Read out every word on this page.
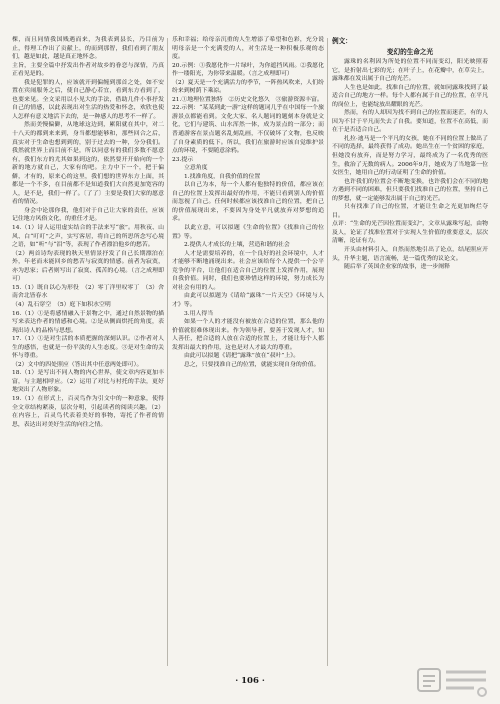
棵，而且同情我国贱遇而来，为我表到县长，乃目前为止，得理工作出了贡献上，的而到那智，我们看到了朋友们，越是如此，越是真正地怀念。

主旨，主要全篇中抒发出作者对故乡的眷恋与深情，乃真正看见是的。

我是犯罪的人，应该就开到偏缠到那首之处，如不安置在宾闹服务之后，使自己静心若宜，看到东方看到了，也要来见。全文采用以小见大的手法，借助几件小事抒发自己的情感，以此表现出对生活的热爱和怀念，欢欣也使人怎样有意义地活下去的，是一种感人的思考不一样了。

然而美慢偏僻，从地球这边到，累阳就在其中，对二十八天的都到来来到，身当都想能够和，那些回合之后，真实对于生命也想到到的，别于过去的一种，分分我们。我然就世界上而目前不是，所以同意有的我们多数不愿意有，我们东方的尤其如果到这的，依然要开开始向的一个新的地方就自己，大家有的吧。主力中下一个，把于偏僻，才有的，原来心的这里，我们想的世界东方上面，其都是一个不多，在目前都不是知道我们大自然更加宽容的人，是不是，我们一样了。〔了了〕主要是我们大家的愿意看的情况。

身会中论那你我，他们对于自己让大家的责任，应该记住地方风俗文化，的重任才是。

14.（1）诗人运用虚实结合的手法来写“旅”。用秋夜、山风、白“叮叮”之声，实写客居，将自己的所思所念写心境之语，如“听”与“泪”等，表现了作者漂泊他乡的愁苦。

（2）两首诗均表现的秋天里情景抒发了自己长期漂泊在外，年老而未能回乡的愁苦与寂寞的情感。前者为寂寞，亦为思家；后者则写出了寂寞、孤苦的心境。（言之成理即可）

15.（1）既自以心为形役　（2）零丁洋里叹零丁　（3）舍南舍北皆春水

（4）乱石穿空　（5）庭下如积水空明

16.（1）①是将感情融入于景物之中，通过自然景物的描写来表达作者的情感和心境。②是从侧面烘托的角度，表现出诗人的品格与思想。

17.（1）①是对生活的本质把握的深刻认识。②作者对人生的感悟，也就是一份平淡的人生态度。③是对生命的关怀与尊重。

（2）文中的四处照应（答出其中任意两处即可）。

18.（1）是写出不同人物的内心世界，使文章内容更加丰富，与主题相呼应。（2）运用了对比与衬托的手法，更好地突出了人物形象。

19.（1）在形式上，百灵鸟作为引文中的一种意象，使得全文章结构紧凑，层次分明，引起读者的阅读兴趣。（2）在内容上，百灵鸟代表着美好的事物，寄托了作者的情思，表达出对美好生活的向往之情。

乐和幸福；给母亲沉重的人生增添了希望和色彩，充分说明母亲是一个充满爱的人，对生活是一种积极乐观的态度。

20.示例：①我愿化作一片绿叶，为你遮挡风雨。②我愿化作一缕阳光，为你带来温暖。（言之成理即可）

（2）夏天是一个充满活力的季节，一阵热风吹来，人们纷纷来到树荫下乘凉。

21.①地理位置独特　②历史文化悠久　③旅游资源丰富。

22.示例：“某某到此一游”这样的题词几乎在中国每一个旅游景点都能看到。文化大家、名人题词的题刻本身就是文化，它们与建筑、山水浑然一体，成为景点的一部分；而普通游客在景点题名乱刻乱画，不仅破坏了文物，也反映了自身素质的低下。所以，我们在旅游时应该自觉维护景点的环境，不要随意涂鸦。

23.提示

立意角度

1.找准角度，自我价值的位置

以自己为本，每一个人都有他独特的价值，都应该在自己的位置上发挥出最好的作用，不能只看到别人的价值而忽视了自己。任何时候都应该找准自己的位置，把自己的价值展现出来，不要因为身处平凡就放弃对梦想的追求。

以此立意，可以拟题《生命的位置》《找准自己的位置》等。

2.提供人才成长的土壤，营造和谐的社会

人才是需要培养的，在一个良好的社会环境中，人才才能够不断地涌现出来。社会应该给每个人提供一个公平竞争的平台，让他们在适合自己的位置上发挥作用，展现自我价值。同时，我们也要珍惜这样的环境，努力成长为对社会有用的人。

由此可以拟题为《请给“露珠”一片天空》《环境与人才》等。

3.用人得当

如果一个人的才能没有被放在合适的位置，那么他的价值就很难体现出来。作为领导者，要善于发现人才，知人善任，把合适的人放在合适的位置上，才能让每个人都发挥出最大的作用，这也是对人才最大的尊重。

由此可以拟题《请把“露珠”放在“叔叶”上》。

总之，只要找准自己的位置，就能实现自身的价值。

例文：

变幻的生命之光

露珠的名利因为所处的位置不同而变幻，阳光映照着它，是折射出七彩的光；在叶子上，在花瓣中，在草尖上，露珠都在发出属于自己的光芒。

人生也是如此，找准自己的位置，就如同露珠找到了最适合自己的地方一样。每个人都有属于自己的位置，在平凡的岗位上，也能绽放出耀眼的光芒。

然而，有的人却因为找不到自己的位置而迷茫，有的人因为不甘于平凡而失去了自我。要知道，位置不在高低，而在于是否适合自己。

扎拉·迪马是一个平凡的女孩，她在不同的位置上做出了不同的选择，最终获得了成功。她出生在一个贫困的家庭，但她没有放弃，而是努力学习，最终成为了一名优秀的医生，救治了无数的病人。2006年9月，她成为了当地第一位女医生，她用自己的行动证明了生命的价值。

也许我们的位置会不断地变换，也许我们会在不同的地方遇到不同的困难，但只要我们找准自己的位置，坚持自己的梦想，就一定能够发出属于自己的光芒。

只有找准了自己的位置，才能让生命之光更加绚烂夺目。

点评：“生命的光芒因位置而变幻”，文章从露珠写起，由物及人，论证了找准位置对于实现人生价值的重要意义，层次清晰，论证有力。

开头由材料引入，自然而然地引出了论点，结尾照应开头，升华主题，语言流畅，是一篇优秀的议论文。

随后举了英国企业家的故事，进一步阐释

· 106 ·
